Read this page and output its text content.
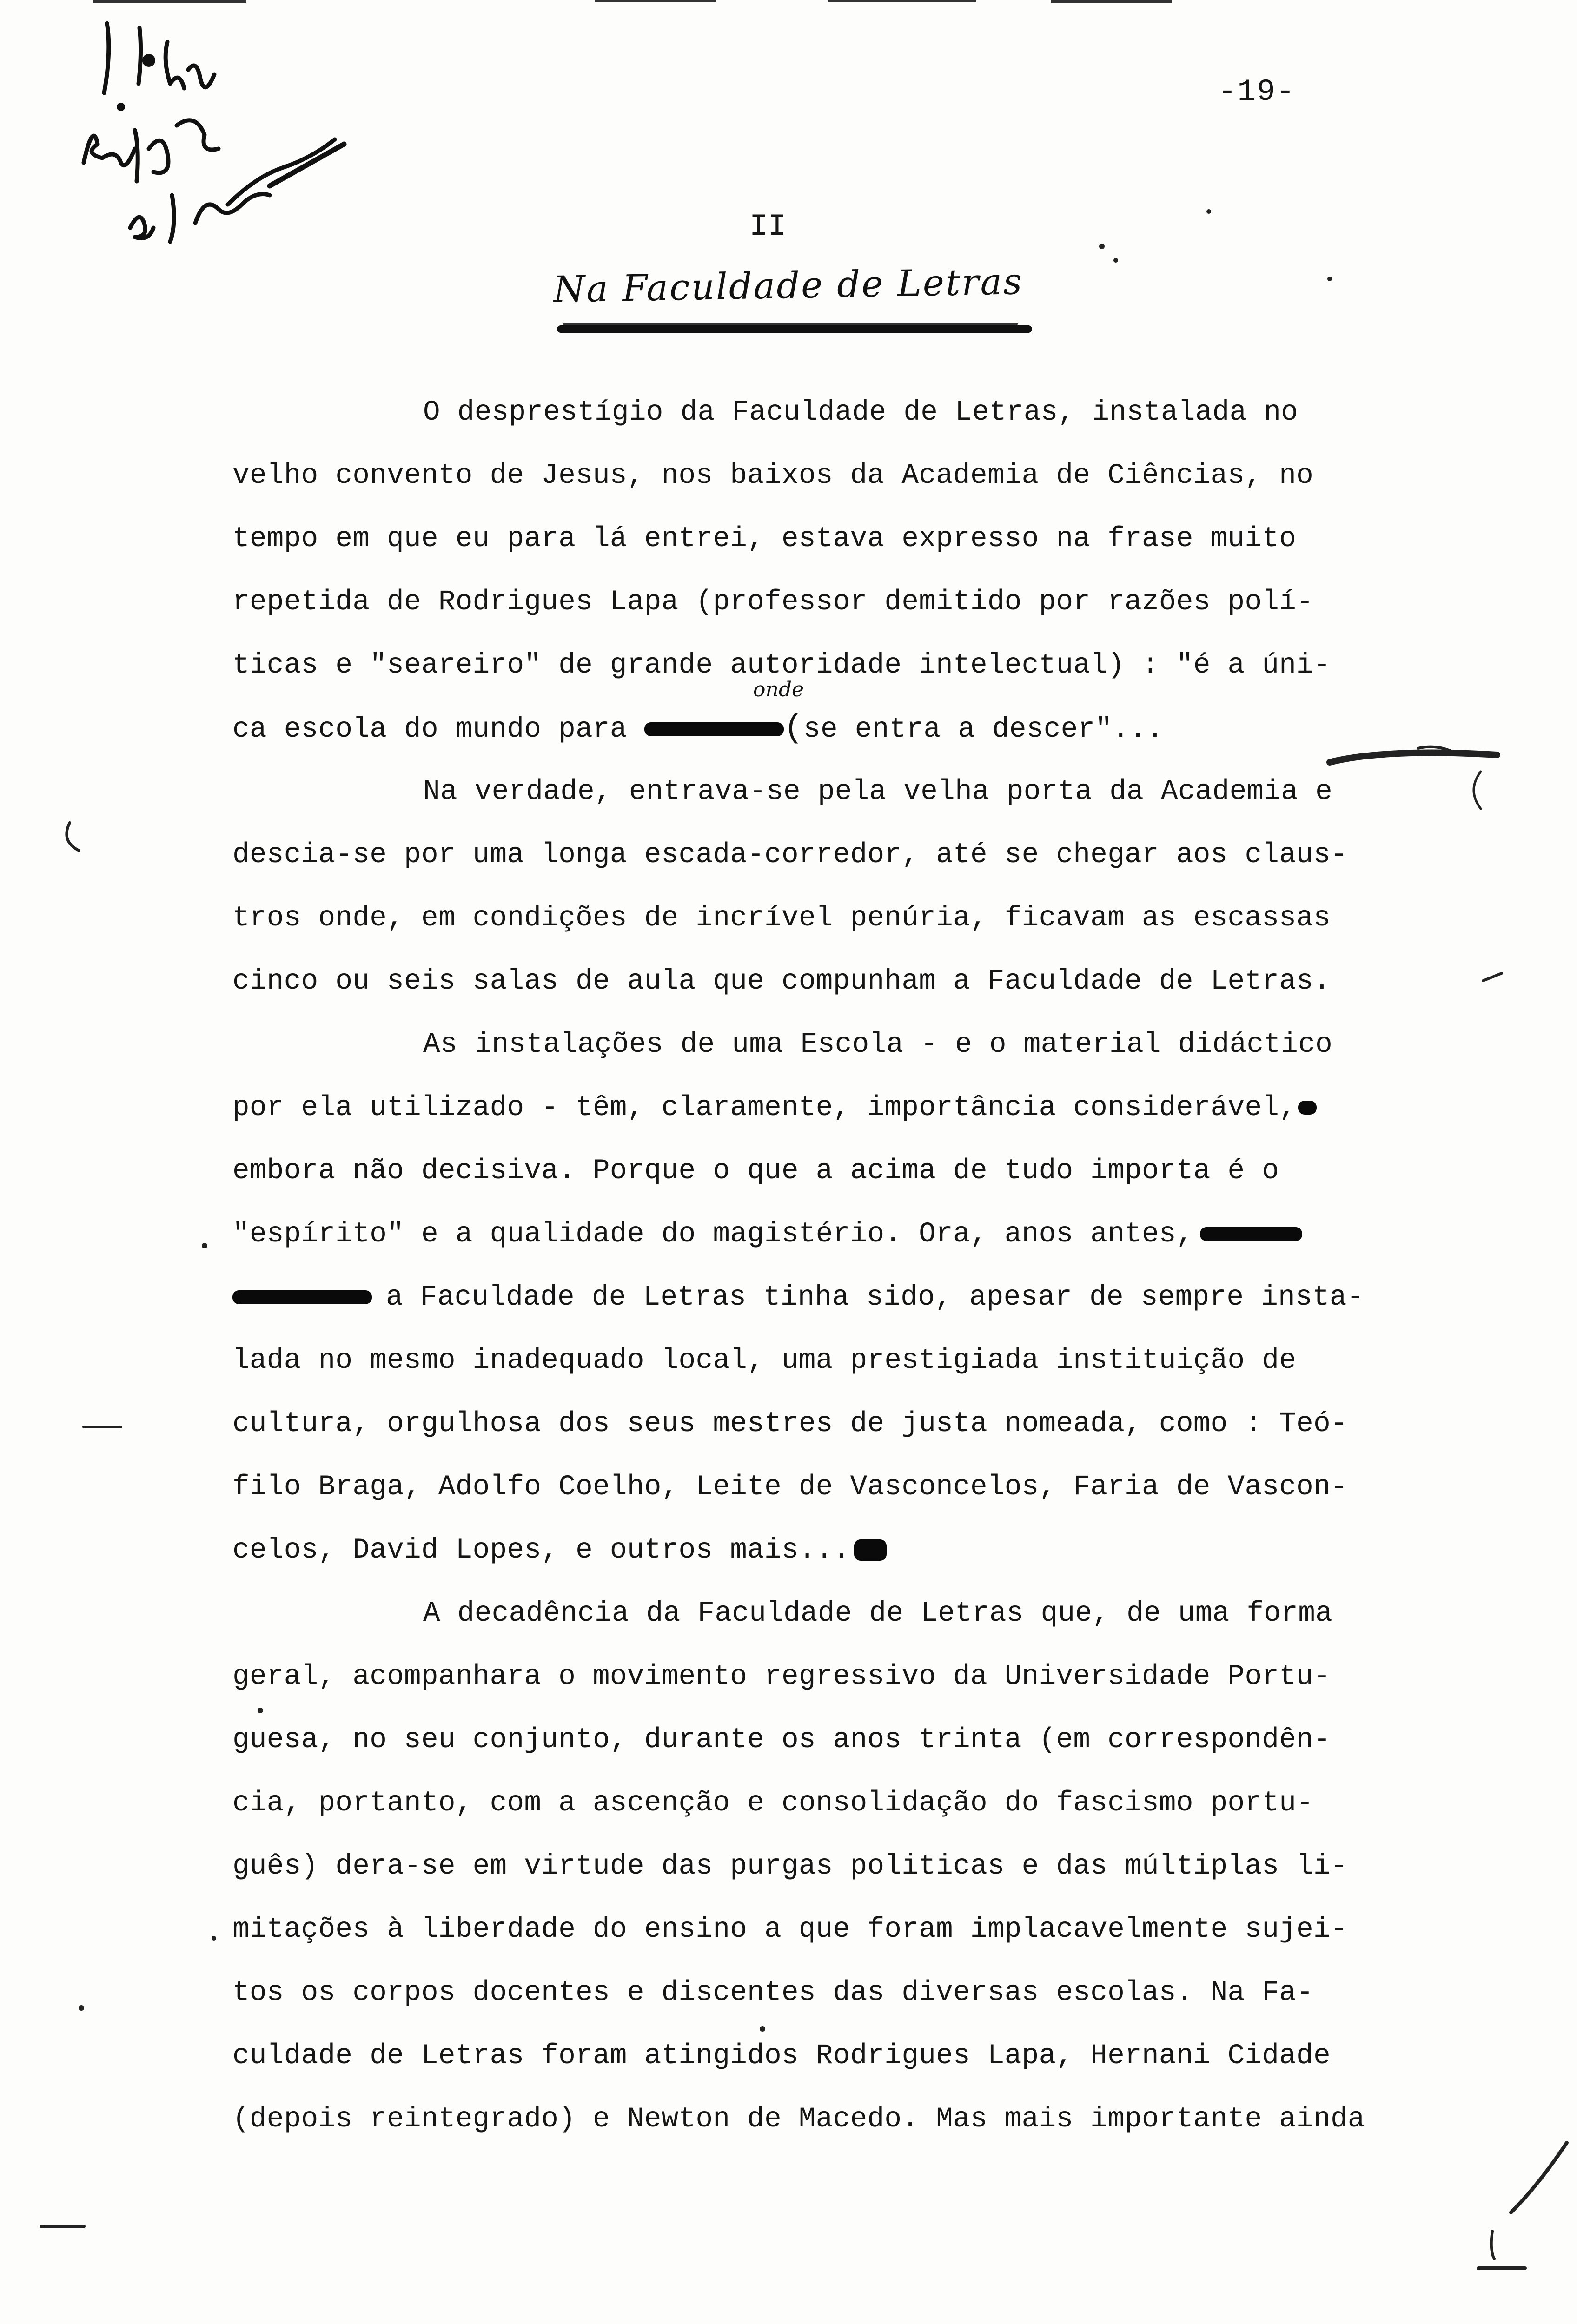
-19-
II
Na Faculdade de Letras
onde
O desprestígio da Faculdade de Letras, instalada no
velho convento de Jesus, nos baixos da Academia de Ciências, no
tempo em que eu para lá entrei, estava expresso na frase muito
repetida de Rodrigues Lapa (professor demitido por razões polí-
ticas e "seareiro" de grande autoridade intelectual) : "é a úni-
ca escola do mundo para	(se entra a descer"...
Na verdade, entrava-se pela velha porta da Academia e
descia-se por uma longa escada-corredor, até se chegar aos claus-
tros onde, em condições de incrível penúria, ficavam as escassas
cinco ou seis salas de aula que compunham a Faculdade de Letras.
As instalações de uma Escola - e o material didáctico
por ela utilizado - têm, claramente, importância considerável,
embora não decisiva. Porque o que a acima de tudo importa é o
"espírito" e a qualidade do magistério. Ora, anos antes,
a Faculdade de Letras tinha sido, apesar de sempre insta-
lada no mesmo inadequado local, uma prestigiada instituição de
cultura, orgulhosa dos seus mestres de justa nomeada, como : Teó-
filo Braga, Adolfo Coelho, Leite de Vasconcelos, Faria de Vascon-
celos, David Lopes, e outros mais...
A decadência da Faculdade de Letras que, de uma forma
geral, acompanhara o movimento regressivo da Universidade Portu-
guesa, no seu conjunto, durante os anos trinta (em correspondên-
cia, portanto, com a ascenção e consolidação do fascismo portu-
guês) dera-se em virtude das purgas politicas e das múltiplas li-
mitações à liberdade do ensino a que foram implacavelmente sujei-
tos os corpos docentes e discentes das diversas escolas. Na Fa-
culdade de Letras foram atingidos Rodrigues Lapa, Hernani Cidade
(depois reintegrado) e Newton de Macedo. Mas mais importante ainda
